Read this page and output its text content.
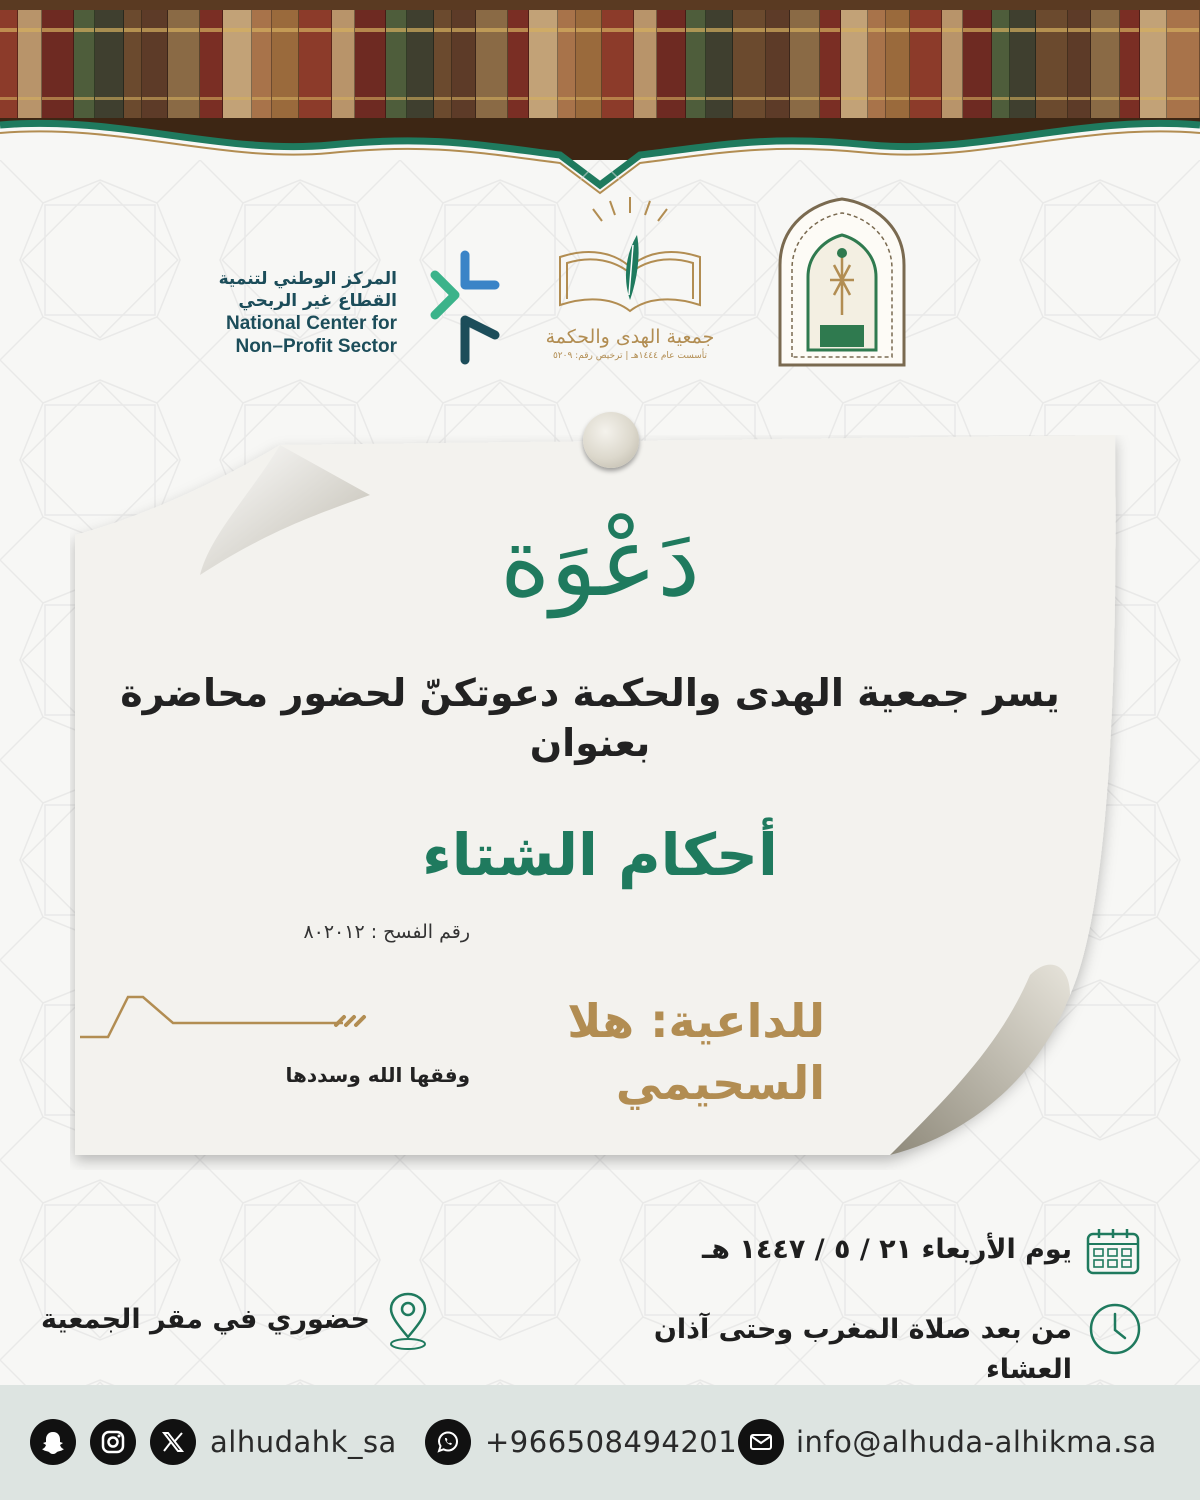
المركز الوطني لتنمية
القطاع غير الربحي
National Center for
Non–Profit Sector	جمعية الهدى والحكمة
تأسست عام ١٤٤٤هـ | ترخيص رقم: ٥٢٠٩
دَعْوَة
يسر جمعية الهدى والحكمة دعوتكنّ لحضور محاضرة
بعنوان
أحكام الشتاء
رقم الفسح : ٨٠٢٠١٢
للداعية: هلا السحيمي
وفقها الله وسددها
يوم الأربعاء ٢١ / ٥ / ١٤٤٧ هـ
من بعد صلاة المغرب وحتى آذان العشاء
حضوري في مقر الجمعية
alhudahk_sa	+966508494201 info@alhuda-alhikma.sa
